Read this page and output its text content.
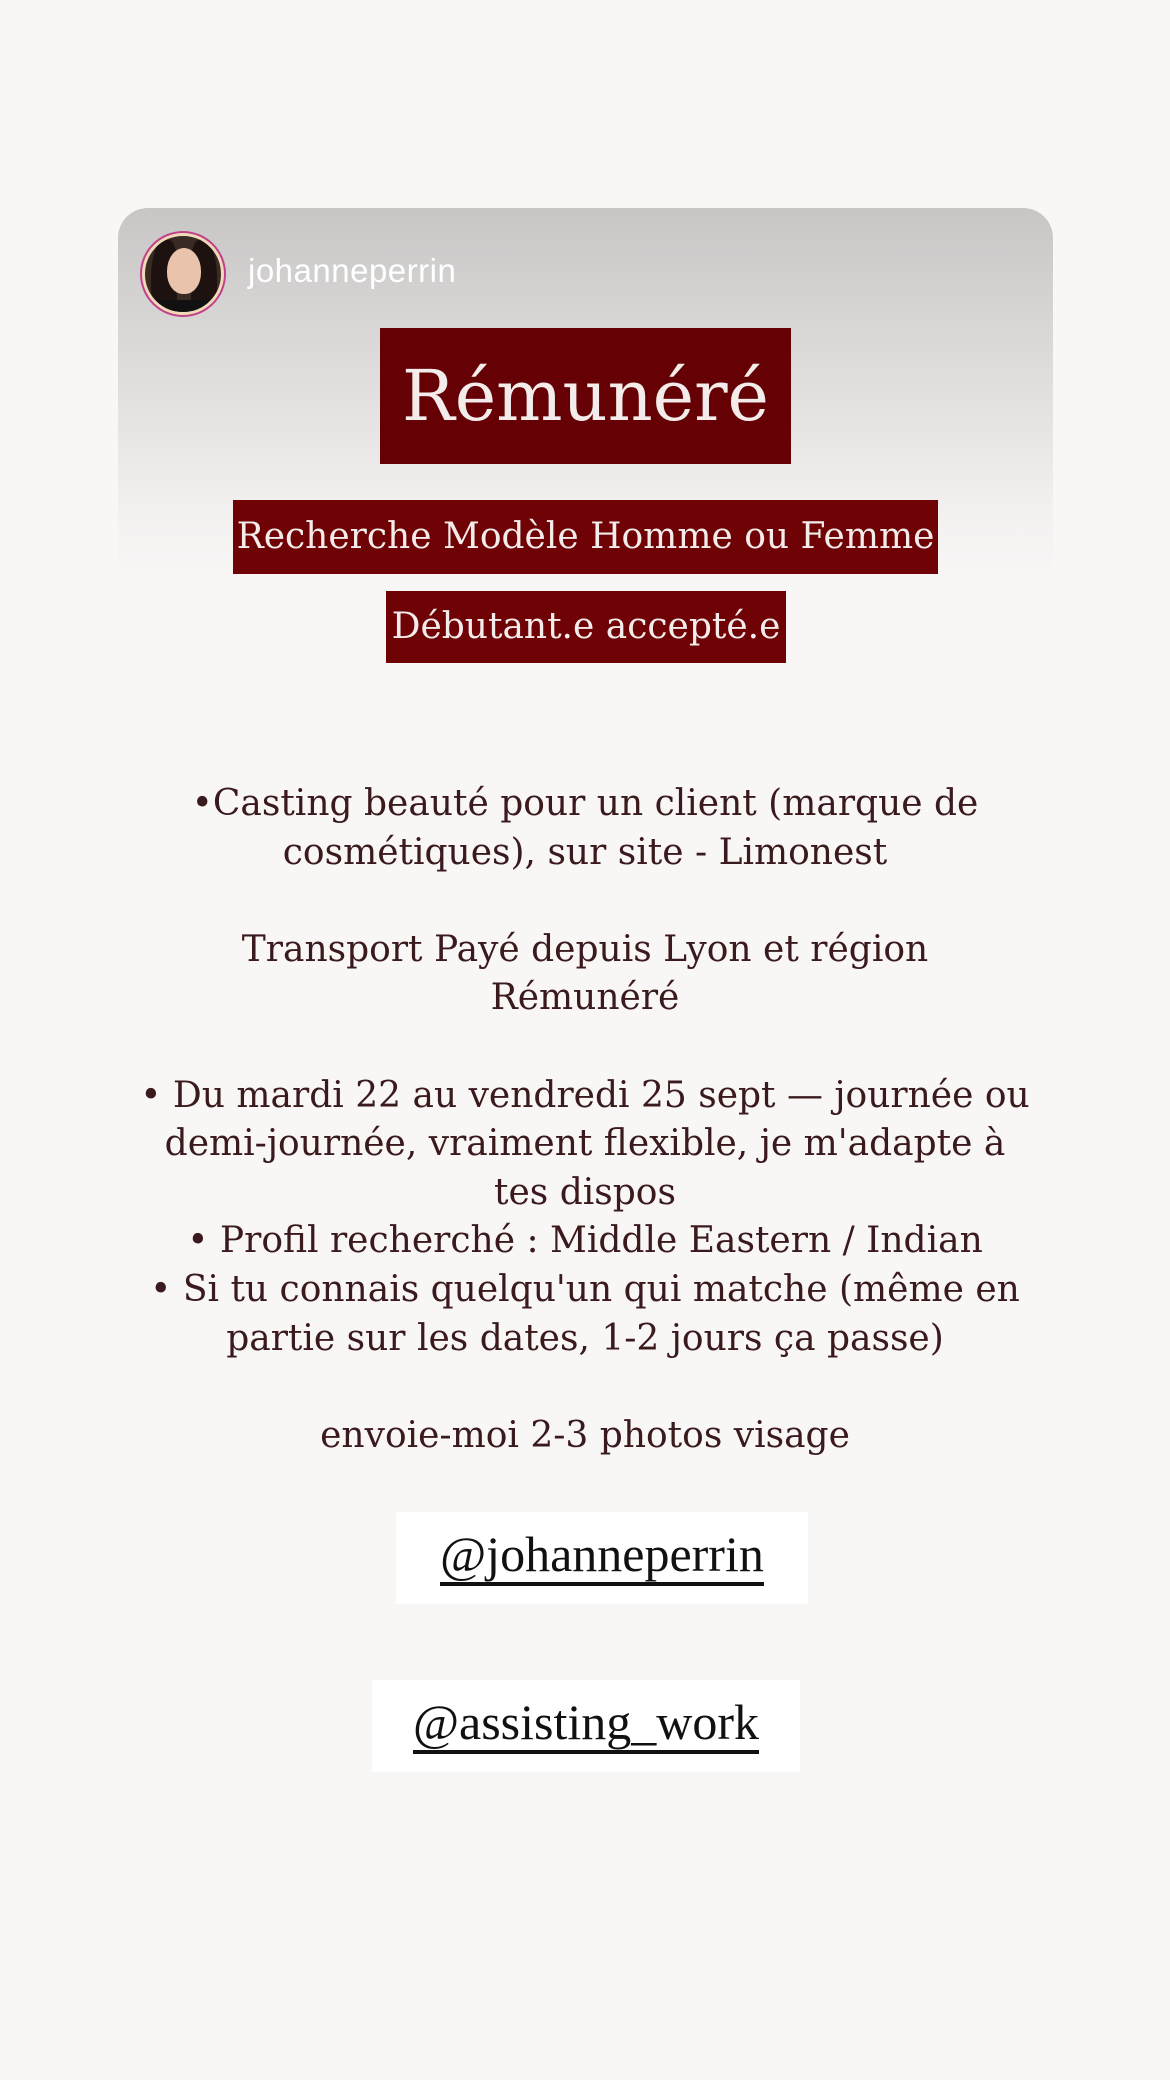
johanneperrin
Rémunéré
Recherche Modèle Homme ou Femme
Débutant.e accepté.e
•Casting beauté pour un client (marque de
cosmétiques), sur site - Limonest
Transport Payé depuis Lyon et région
Rémunéré
• Du mardi 22 au vendredi 25 sept — journée ou
demi-journée, vraiment flexible, je m'adapte à
tes dispos
• Profil recherché : Middle Eastern / Indian
• Si tu connais quelqu'un qui matche (même en
partie sur les dates, 1-2 jours ça passe)
envoie-moi 2-3 photos visage
@johanneperrin
@assisting_work
